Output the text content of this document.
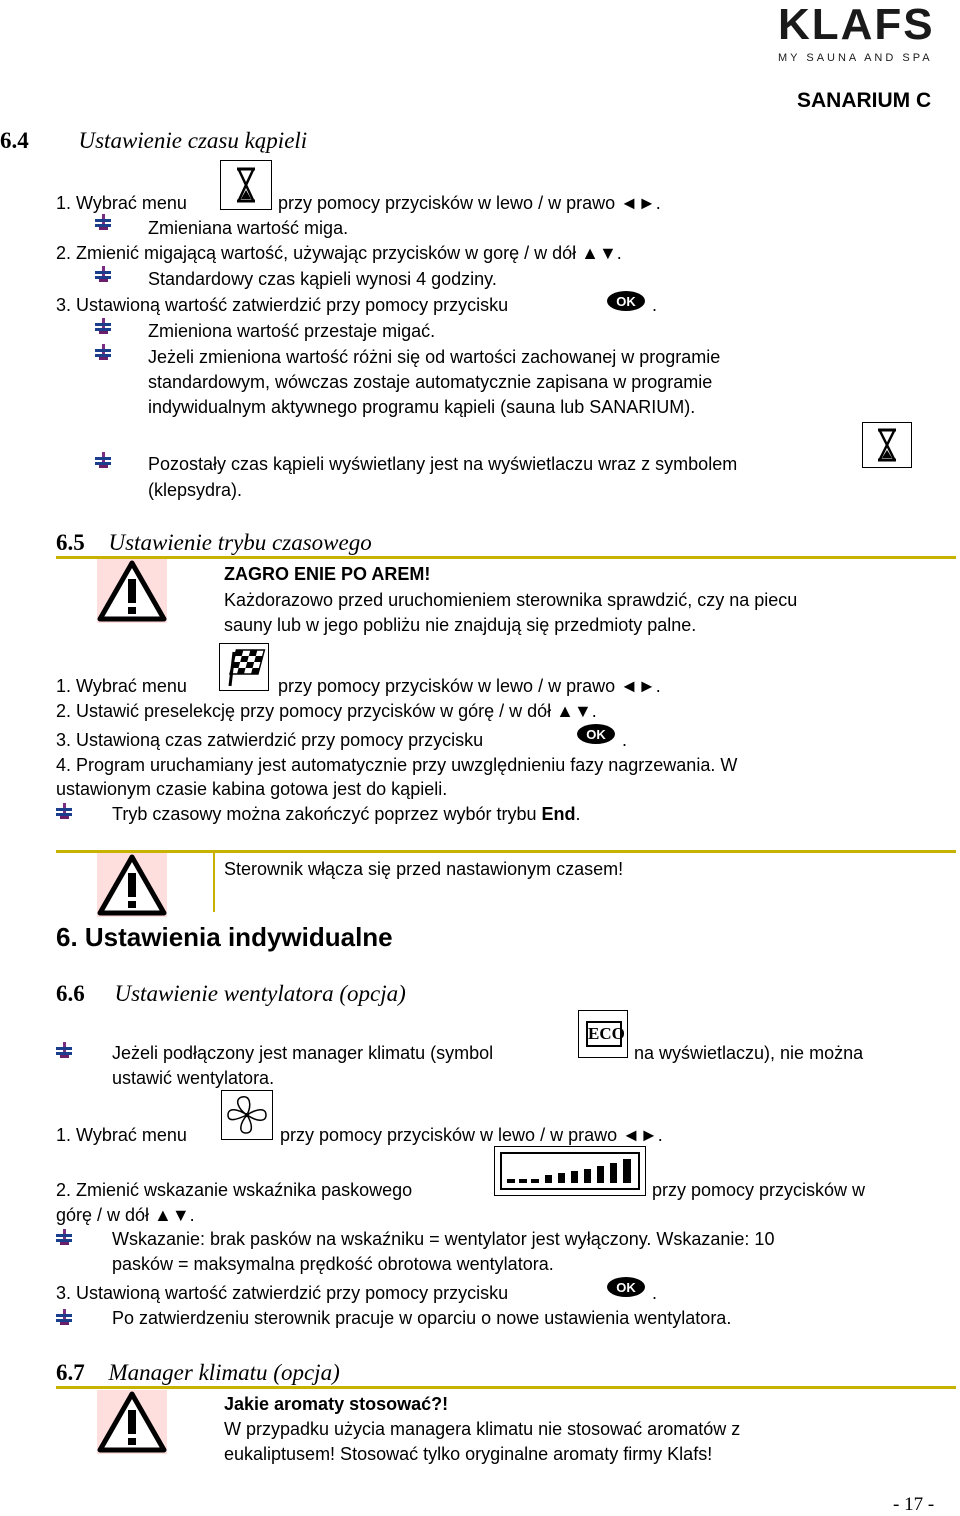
KLAFS
MY SAUNA AND SPA
SANARIUM C
6.4 Ustawienie czasu kąpieli
1. Wybrać menu	przy pomocy przycisków w lewo / w prawo ◄►.
Zmieniana wartość miga.
2. Zmienić migającą wartość, używając przycisków w gorę / w dół ▲▼.
Standardowy czas kąpieli wynosi 4 godziny.
3. Ustawioną wartość zatwierdzić przy pomocy przycisku	.
Zmieniona wartość przestaje migać.
Jeżeli zmieniona wartość różni się od wartości zachowanej w programie
standardowym, wówczas zostaje automatycznie zapisana w programie
indywidualnym aktywnego programu kąpieli (sauna lub SANARIUM).
Pozostały czas kąpieli wyświetlany jest na wyświetlaczu wraz z symbolem
(klepsydra).
6.5 Ustawienie trybu czasowego
ZAGRO ENIE PO AREM!
Każdorazowo przed uruchomieniem sterownika sprawdzić, czy na piecu
sauny lub w jego pobliżu nie znajdują się przedmioty palne.
1. Wybrać menu	przy pomocy przycisków w lewo / w prawo ◄►.
2. Ustawić preselekcję przy pomocy przycisków w górę / w dół ▲▼.
3. Ustawioną czas zatwierdzić przy pomocy przycisku	.
4. Program uruchamiany jest automatycznie przy uwzględnieniu fazy nagrzewania. W
ustawionym czasie kabina gotowa jest do kąpieli.
Tryb czasowy można zakończyć poprzez wybór trybu End.
Sterownik włącza się przed nastawionym czasem!
6. Ustawienia indywidualne
6.6 Ustawienie wentylatora (opcja)
Jeżeli podłączony jest manager klimatu (symbol
ECO
na wyświetlaczu), nie można
ustawić wentylatora.
1. Wybrać menu	przy pomocy przycisków w lewo / w prawo ◄►.
2. Zmienić wskazanie wskaźnika paskowego	przy pomocy przycisków w
górę / w dół ▲▼.
Wskazanie: brak pasków na wskaźniku = wentylator jest wyłączony. Wskazanie: 10
pasków = maksymalna prędkość obrotowa wentylatora.
3. Ustawioną wartość zatwierdzić przy pomocy przycisku	.
Po zatwierdzeniu sterownik pracuje w oparciu o nowe ustawienia wentylatora.
6.7 Manager klimatu (opcja)
Jakie aromaty stosować?!
W przypadku użycia managera klimatu nie stosować aromatów z
eukaliptusem! Stosować tylko oryginalne aromaty firmy Klafs!
- 17 -
